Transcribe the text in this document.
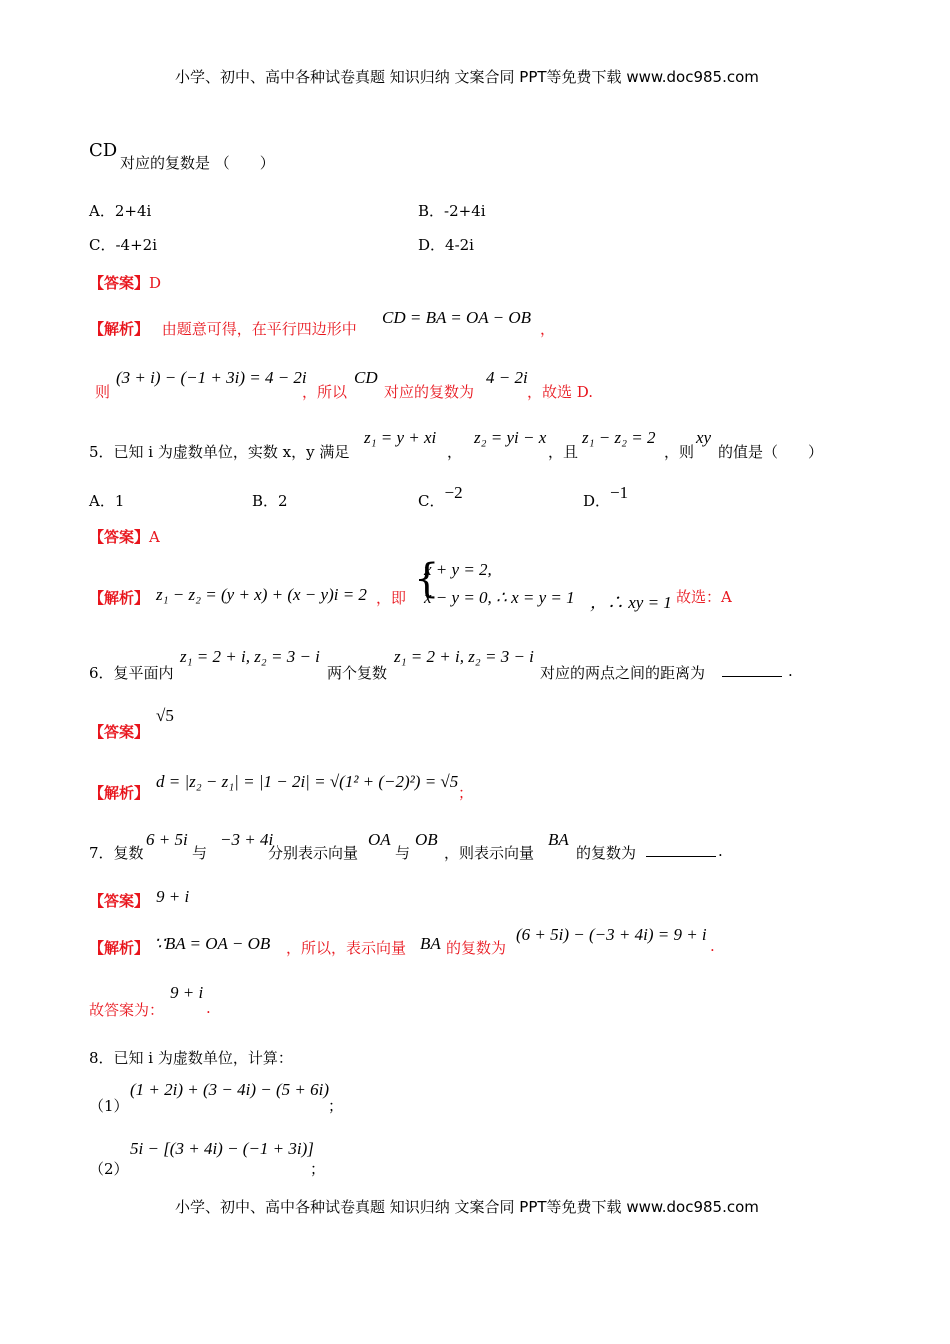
小学、初中、高中各种试卷真题 知识归纳 文案合同 PPT等免费下载 www.doc985.com
CD
对应的复数是 （　　）
A．2+4i	B．-2+4i
C．-4+2i	D．4-2i
【答案】D
【解析】 由题意可得，在平行四边形中
CD = BA = OA − OB
，
则
(3 + i) − (−1 + 3i) = 4 − 2i
，所以
CD
对应的复数为
4 − 2i
，故选 D.
5．已知 i 为虚数单位，实数 x，y 满足
z₁ = y + xi
，
z₂ = yi − x
，且
z₁ − z₂ = 2
，则
xy
的值是（　　）
A．1	B．2	C．−2	D．−1
【答案】A
【解析】 z₁ − z₂ = (y + x) + (x − y)i = 2 ，即 {
x + y = 2,
x − y = 0, ∴ x = y = 1 ，∴ xy = 1 故选：A
6．复平面内
z₁ = 2 + i, z₂ = 3 − i
两个复数
z₁ = 2 + i, z₂ = 3 − i
对应的两点之间的距离为	.
【答案】
√5
【解析】
d = |z₂ − z₁| = |1 − 2i| = √(1² + (−2)²) = √5
；
7．复数
6 + 5i
与
−3 + 4i
分别表示向量
OA
与
OB
，则表示向量
BA
的复数为	.
【答案】 9 + i
【解析】 ∵BA = OA − OB ，所以，表示向量 BA 的复数为
(6 + 5i) − (−3 + 4i) = 9 + i
.
故答案为：
9 + i
.
8．已知 i 为虚数单位，计算：
（1）
(1 + 2i) + (3 − 4i) − (5 + 6i)
；
（2）
5i − [(3 + 4i) − (−1 + 3i)]
；
小学、初中、高中各种试卷真题 知识归纳 文案合同 PPT等免费下载 www.doc985.com
